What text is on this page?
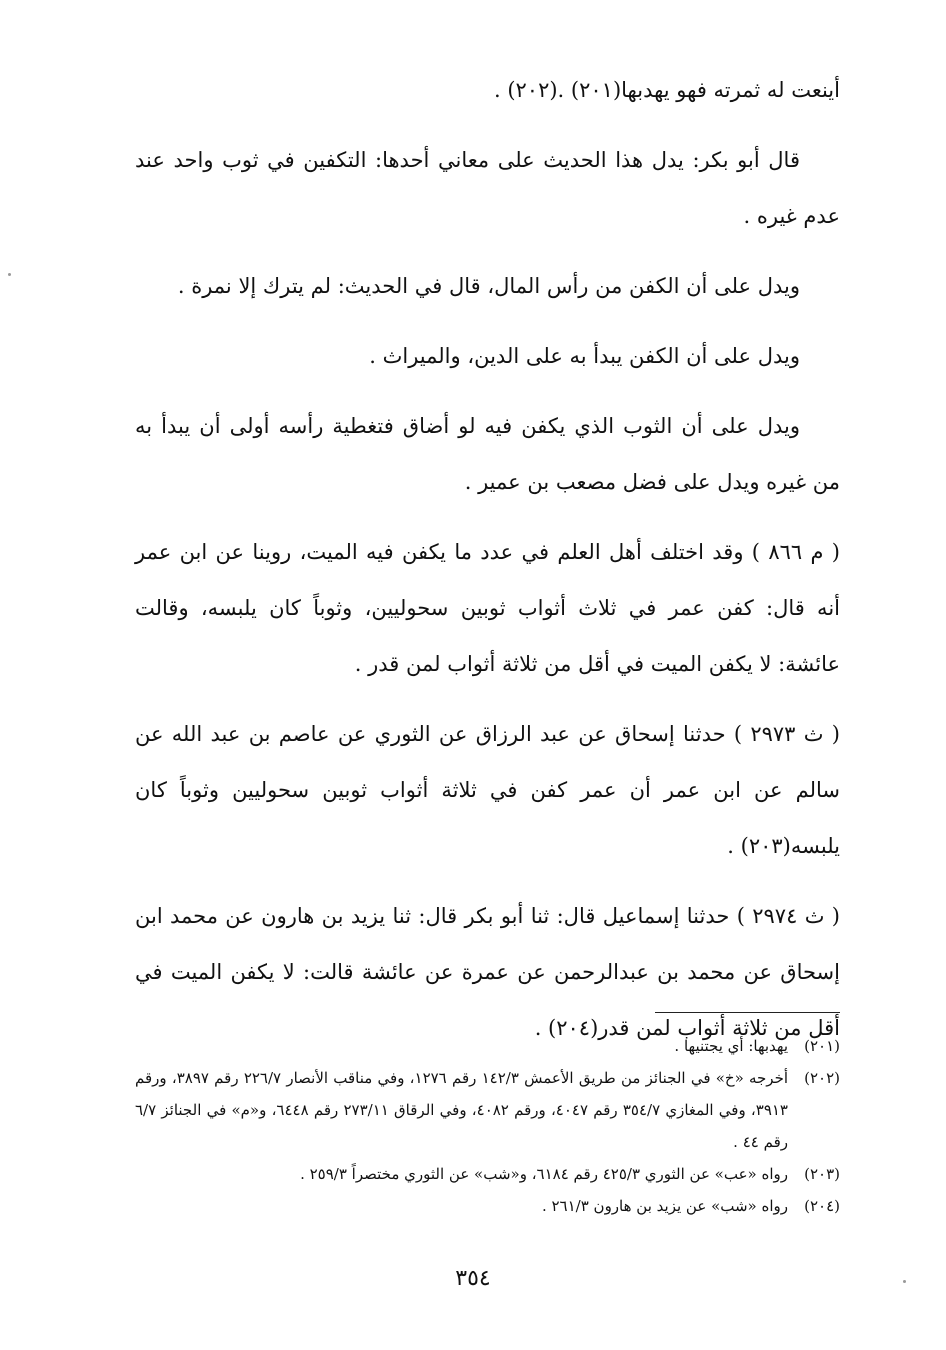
أينعت له ثمرته فهو يهدبها(٢٠١) .(٢٠٢) .

قال أبو بكر: يدل هذا الحديث على معاني أحدها: التكفين في ثوب واحد عند عدم غيره .

ويدل على أن الكفن من رأس المال، قال في الحديث: لم يترك إلا نمرة .

ويدل على أن الكفن يبدأ به على الدين، والميراث .

ويدل على أن الثوب الذي يكفن فيه لو أضاق فتغطية رأسه أولى أن يبدأ به من غيره ويدل على فضل مصعب بن عمير .

( م ٨٦٦ ) وقد اختلف أهل العلم في عدد ما يكفن فيه الميت، روينا عن ابن عمر أنه قال: كفن عمر في ثلاث أثواب ثوبين سحوليين، وثوباً كان يلبسه، وقالت عائشة: لا يكفن الميت في أقل من ثلاثة أثواب لمن قدر .

( ث ٢٩٧٣ ) حدثنا إسحاق عن عبد الرزاق عن الثوري عن عاصم بن عبد الله عن سالم عن ابن عمر أن عمر كفن في ثلاثة أثواب ثوبين سحوليين وثوباً كان يلبسه(٢٠٣) .

( ث ٢٩٧٤ ) حدثنا إسماعيل قال: ثنا أبو بكر قال: ثنا يزيد بن هارون عن محمد ابن إسحاق عن محمد بن عبدالرحمن عن عمرة عن عائشة قالت: لا يكفن الميت في أقل من ثلاثة أثواب لمن قدر(٢٠٤) .

(٢٠١)
يهدبها: أي يجتنيها .
(٢٠٢)
أخرجه «خ» في الجنائز من طريق الأعمش ١٤٢/٣ رقم ١٢٧٦، وفي مناقب الأنصار ٢٢٦/٧ رقم ٣٨٩٧، ورقم ٣٩١٣، وفي المغازي ٣٥٤/٧ رقم ٤٠٤٧، ورقم ٤٠٨٢، وفي الرقاق ٢٧٣/١١ رقم ٦٤٤٨، و«م» في الجنائز ٦/٧ رقم ٤٤ .
(٢٠٣)
رواه «عب» عن الثوري ٤٢٥/٣ رقم ٦١٨٤، و«شب» عن الثوري مختصراً ٢٥٩/٣ .
(٢٠٤)
رواه «شب» عن يزيد بن هارون ٢٦١/٣ .
٣٥٤
